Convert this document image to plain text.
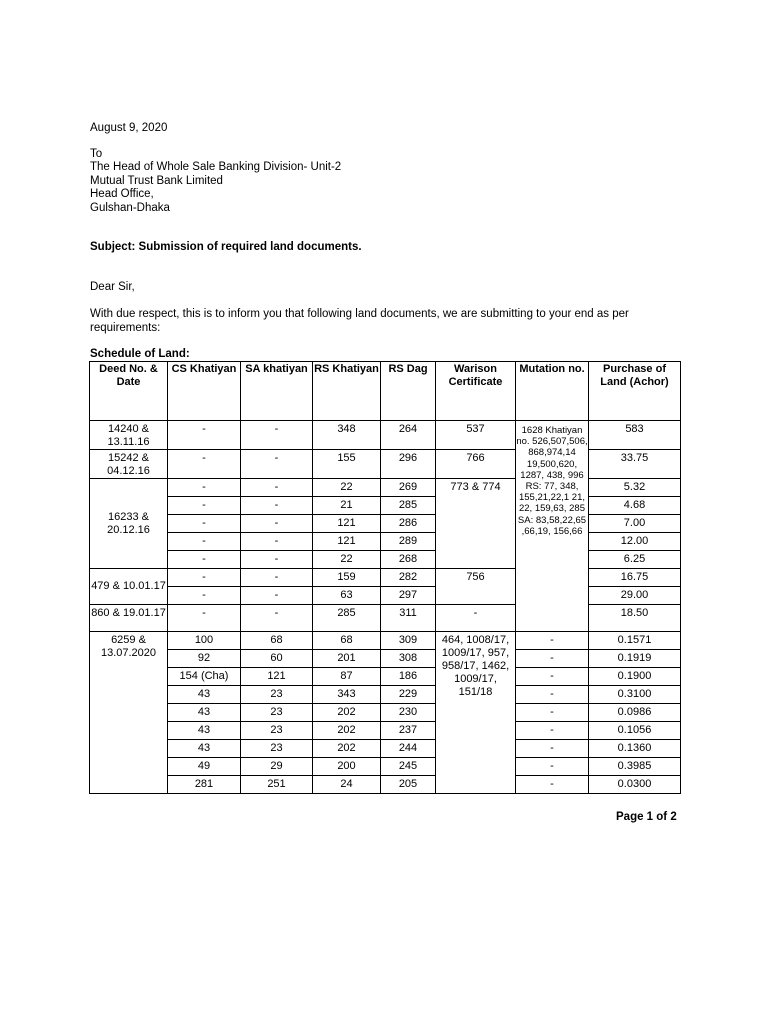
August 9, 2020
To
The Head of Whole Sale Banking Division- Unit-2
Mutual Trust Bank Limited
Head Office,
Gulshan-Dhaka
Subject: Submission of required land documents.
Dear Sir,
With due respect, this is to inform you that following land documents, we are submitting to your end as per
requirements:
Schedule of Land:
Deed No. & Date	CS Khatiyan	SA khatiyan	RS Khatiyan	RS Dag	Warison Certificate	Mutation no.	Purchase of Land (Achor)
14240 & 13.11.16	-	-	348	264	537	1628 Khatiyan no. 526,507,506, 868,974,14 19,500,620, 1287, 438, 996 RS: 77, 348, 155,21,22,1 21, 22, 159,63, 285 SA: 83,58,22,65 ,66,19, 156,66	583
15242 & 04.12.16	-	-	155	296	766		33.75
16233 & 20.12.16	-	-	22	269	773 & 774		5.32
	-	-	21	285			4.68
	-	-	121	286			7.00
	-	-	121	289			12.00
	-	-	22	268			6.25
479 & 10.01.17	-	-	159	282	756		16.75
	-	-	63	297			29.00
860 & 19.01.17	-	-	285	311	-		18.50
6259 & 13.07.2020	100	68	68	309	464, 1008/17, 1009/17, 957, 958/17, 1462, 1009/17, 151/18	-	0.1571
	92	60	201	308		-	0.1919
	154 (Cha)	121	87	186		-	0.1900
	43	23	343	229		-	0.3100
	43	23	202	230		-	0.0986
	43	23	202	237		-	0.1056
	43	23	202	244		-	0.1360
	49	29	200	245		-	0.3985
	281	251	24	205		-	0.0300
Page 1 of 2
